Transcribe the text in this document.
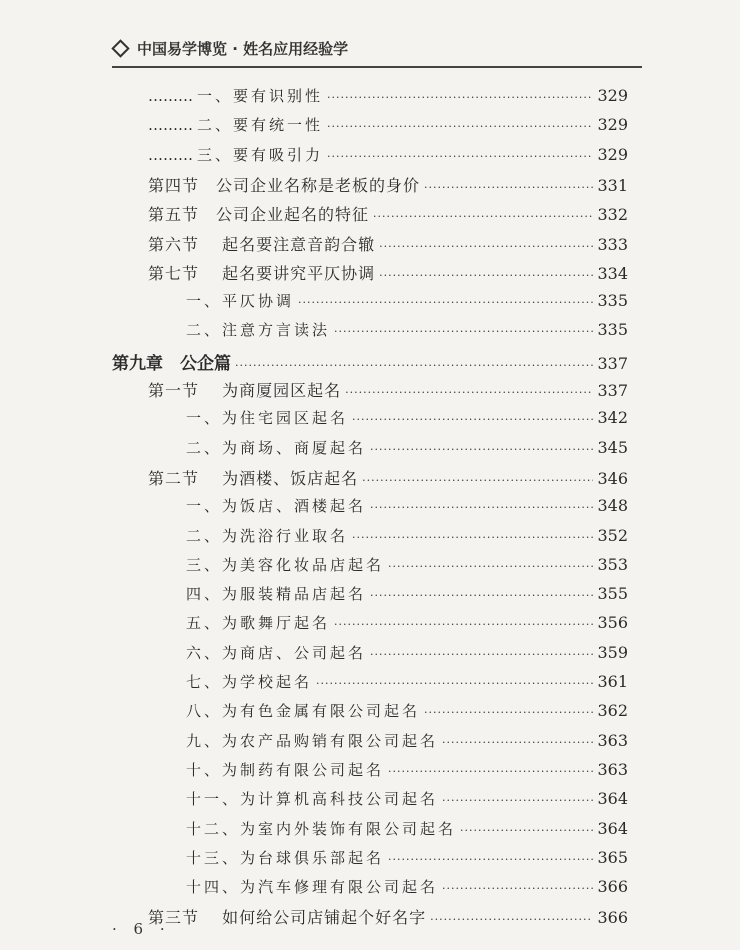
中国易学博览 · 姓名应用经验学
……… 一、要有识别性 ·····	329
……… 二、要有统一性 ·····	329
……… 三、要有吸引力 ·····	329
第四节　公司企业名称是老板的身价 ·····	331
第五节　公司企业起名的特征 ·····	332
第六节　 起名要注意音韵合辙 ·····	333
第七节　 起名要讲究平仄协调 ·····	334
一、平仄协调 ·····	335
二、注意方言读法 ·····	335
第九章　公企篇 ·····	337
第一节　 为商厦园区起名 ·····	337
一、为住宅园区起名 ·····	342
二、为商场、商厦起名 ·····	345
第二节　 为酒楼、饭店起名 ·····	346
一、为饭店、酒楼起名 ·····	348
二、为洗浴行业取名 ·····	352
三、为美容化妆品店起名 ·····	353
四、为服装精品店起名 ·····	355
五、为歌舞厅起名 ·····	356
六、为商店、公司起名 ·····	359
七、为学校起名 ·····	361
八、为有色金属有限公司起名 ·····	362
九、为农产品购销有限公司起名 ·····	363
十、为制药有限公司起名 ·····	363
十一、为计算机高科技公司起名 ·····	364
十二、为室内外装饰有限公司起名 ·····	364
十三、为台球俱乐部起名 ·····	365
十四、为汽车修理有限公司起名 ·····	366
第三节　 如何给公司店铺起个好名字 ·····	366
· 6 ·
